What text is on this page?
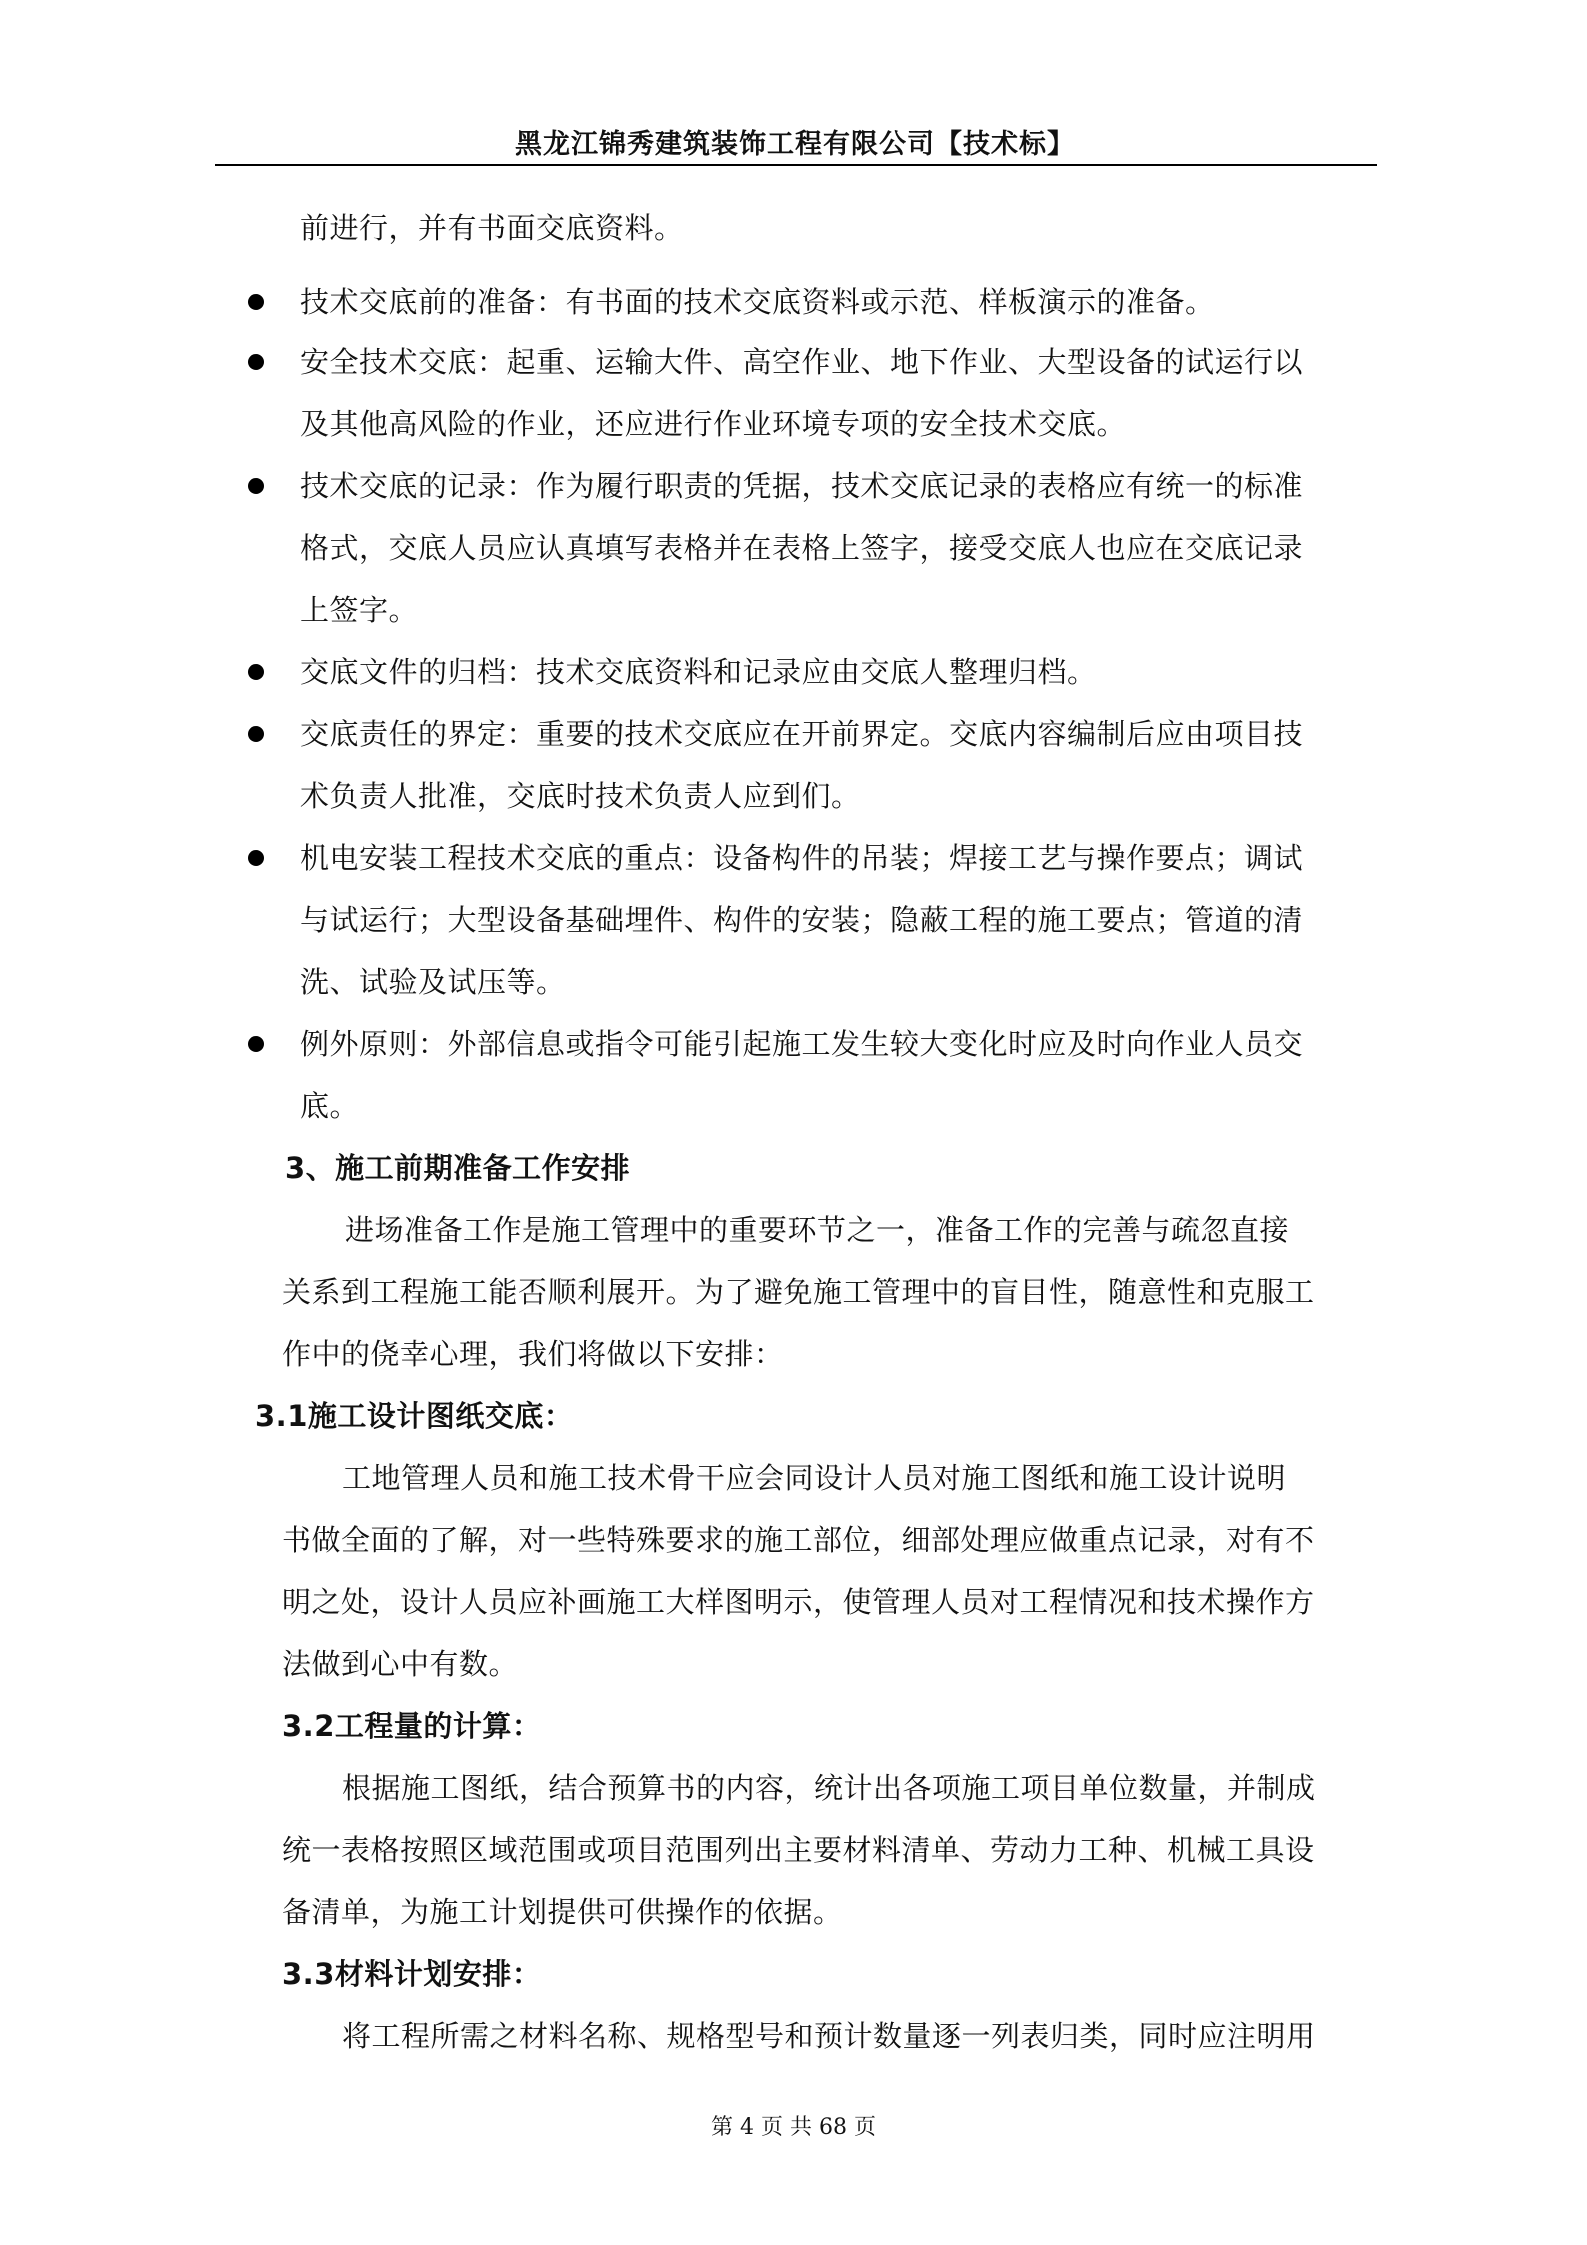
黑龙江锦秀建筑装饰工程有限公司【技术标】
前进行，并有书面交底资料。
技术交底前的准备：有书面的技术交底资料或示范、样板演示的准备。
安全技术交底：起重、运输大件、高空作业、地下作业、大型设备的试运行以
及其他高风险的作业，还应进行作业环境专项的安全技术交底。
技术交底的记录：作为履行职责的凭据，技术交底记录的表格应有统一的标准
格式，交底人员应认真填写表格并在表格上签字，接受交底人也应在交底记录
上签字。
交底文件的归档：技术交底资料和记录应由交底人整理归档。
交底责任的界定：重要的技术交底应在开前界定。交底内容编制后应由项目技
术负责人批准，交底时技术负责人应到们。
机电安装工程技术交底的重点：设备构件的吊装；焊接工艺与操作要点；调试
与试运行；大型设备基础埋件、构件的安装；隐蔽工程的施工要点；管道的清
洗、试验及试压等。
例外原则：外部信息或指令可能引起施工发生较大变化时应及时向作业人员交
底。
3、施工前期准备工作安排
进场准备工作是施工管理中的重要环节之一，准备工作的完善与疏忽直接
关系到工程施工能否顺利展开。为了避免施工管理中的盲目性，随意性和克服工
作中的侥幸心理，我们将做以下安排：
3.1施工设计图纸交底：
工地管理人员和施工技术骨干应会同设计人员对施工图纸和施工设计说明
书做全面的了解，对一些特殊要求的施工部位，细部处理应做重点记录，对有不
明之处，设计人员应补画施工大样图明示，使管理人员对工程情况和技术操作方
法做到心中有数。
3.2工程量的计算：
根据施工图纸，结合预算书的内容，统计出各项施工项目单位数量，并制成
统一表格按照区域范围或项目范围列出主要材料清单、劳动力工种、机械工具设
备清单，为施工计划提供可供操作的依据。
3.3材料计划安排：
将工程所需之材料名称、规格型号和预计数量逐一列表归类，同时应注明用
第 4 页 共 68 页
